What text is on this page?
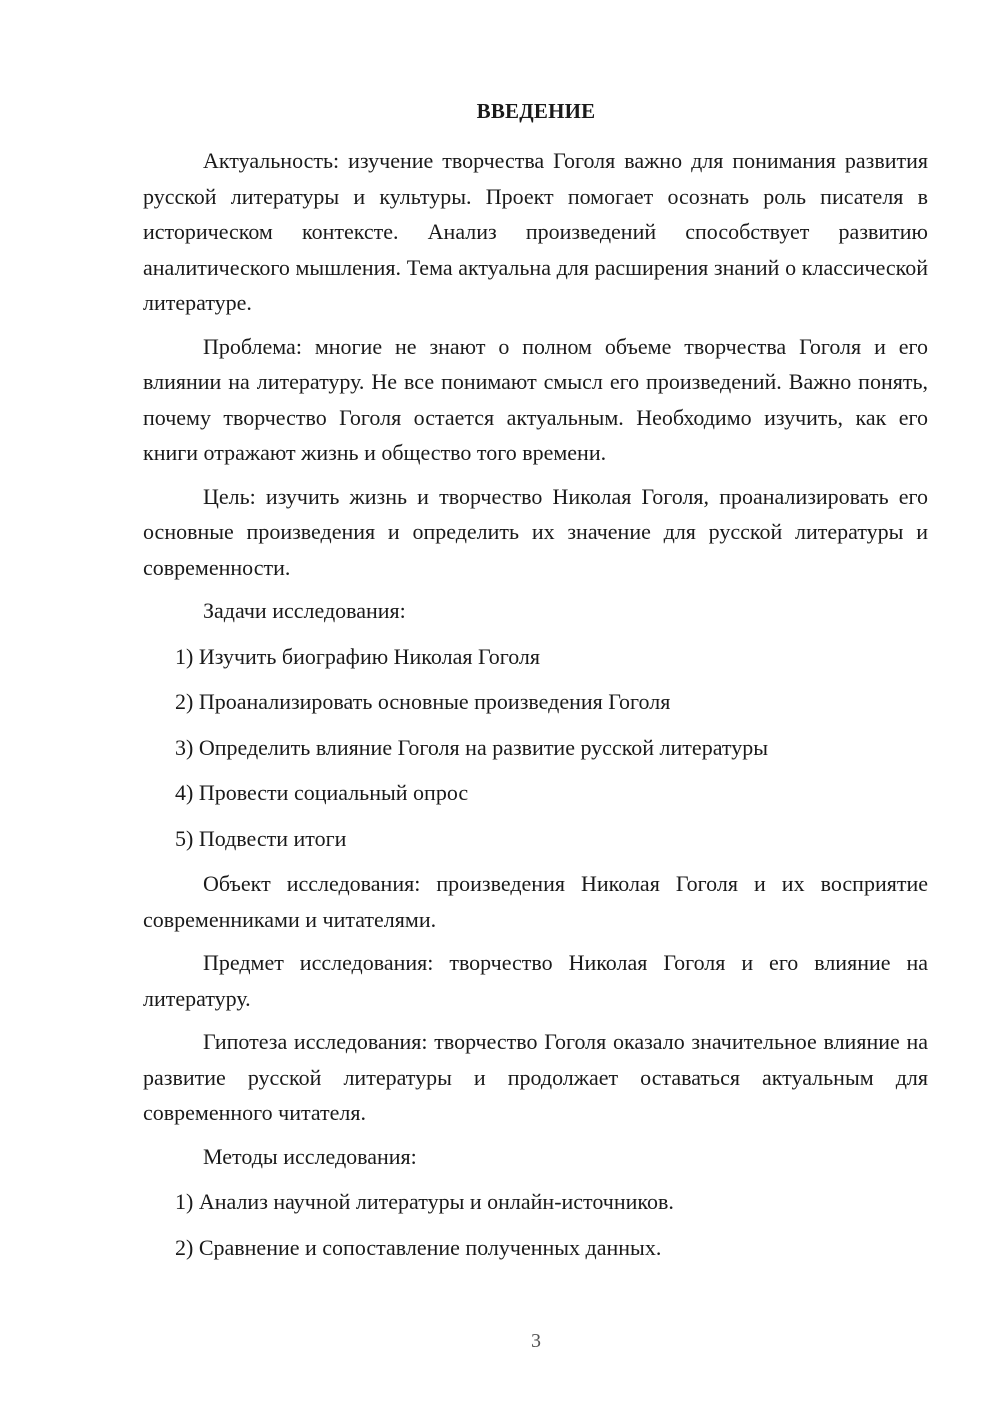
ВВЕДЕНИЕ

Актуальность: изучение творчества Гоголя важно для понимания развития русской литературы и культуры. Проект помогает осознать роль писателя в историческом контексте. Анализ произведений способствует развитию аналитического мышления. Тема актуальна для расширения знаний о классической литературе.

Проблема: многие не знают о полном объеме творчества Гоголя и его влиянии на литературу. Не все понимают смысл его произведений. Важно понять, почему творчество Гоголя остается актуальным. Необходимо изучить, как его книги отражают жизнь и общество того времени.

Цель: изучить жизнь и творчество Николая Гоголя, проанализировать его основные произведения и определить их значение для русской литературы и современности.

Задачи исследования:

1) Изучить биографию Николая Гоголя

2) Проанализировать основные произведения Гоголя

3) Определить влияние Гоголя на развитие русской литературы

4) Провести социальный опрос

5) Подвести итоги

Объект исследования: произведения Николая Гоголя и их восприятие современниками и читателями.

Предмет исследования: творчество Николая Гоголя и его влияние на литературу.

Гипотеза исследования: творчество Гоголя оказало значительное влияние на развитие русской литературы и продолжает оставаться актуальным для современного читателя.

Методы исследования:

1) Анализ научной литературы и онлайн-источников.

2) Сравнение и сопоставление полученных данных.

3
